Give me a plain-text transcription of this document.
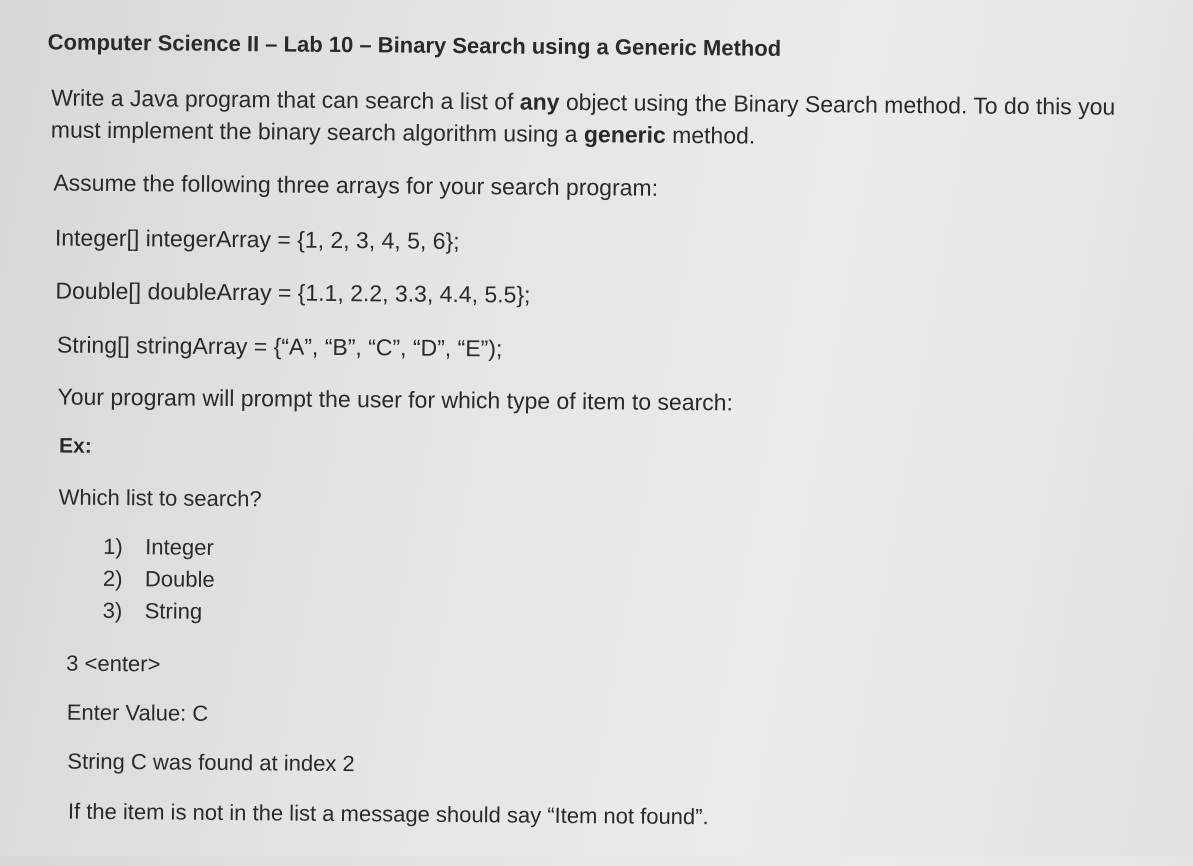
Computer Science II – Lab 10 – Binary Search using a Generic Method
Write a Java program that can search a list of any object using the Binary Search method. To do this you
must implement the binary search algorithm using a generic method.
Assume the following three arrays for your search program:
Integer[] integerArray = {1, 2, 3, 4, 5, 6};
Double[] doubleArray = {1.1, 2.2, 3.3, 4.4, 5.5};
String[] stringArray = {“A”, “B”, “C”, “D”, “E”);
Your program will prompt the user for which type of item to search:
Ex:
Which list to search?
1) Integer
2) Double
3) String
3 <enter>
Enter Value: C
String C was found at index 2
If the item is not in the list a message should say “Item not found”.
